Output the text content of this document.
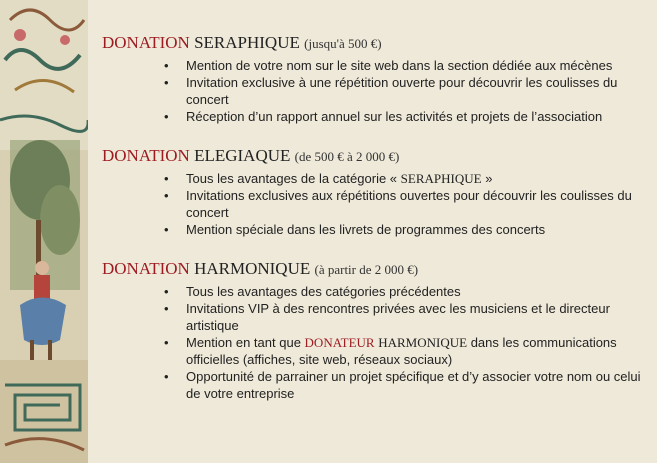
DONATION SERAPHIQUE (jusqu'à 500 €)
• Mention de votre nom sur le site web dans la section dédiée aux mécènes
• Invitation exclusive à une répétition ouverte pour découvrir les coulisses du concert
• Réception d’un rapport annuel sur les activités et projets de l’association
DONATION ELEGIAQUE (de 500 € à 2 000 €)
• Tous les avantages de la catégorie « SERAPHIQUE »
• Invitations exclusives aux répétitions ouvertes pour découvrir les coulisses du concert
• Mention spéciale dans les livrets de programmes des concerts
DONATION HARMONIQUE (à partir de 2 000 €)
• Tous les avantages des catégories précédentes
• Invitations VIP à des rencontres privées avec les musiciens et le directeur artistique
• Mention en tant que DONATEUR HARMONIQUE dans les communications officielles (affiches, site web, réseaux sociaux)
• Opportunité de parrainer un projet spécifique et d’y associer votre nom ou celui de votre entreprise
